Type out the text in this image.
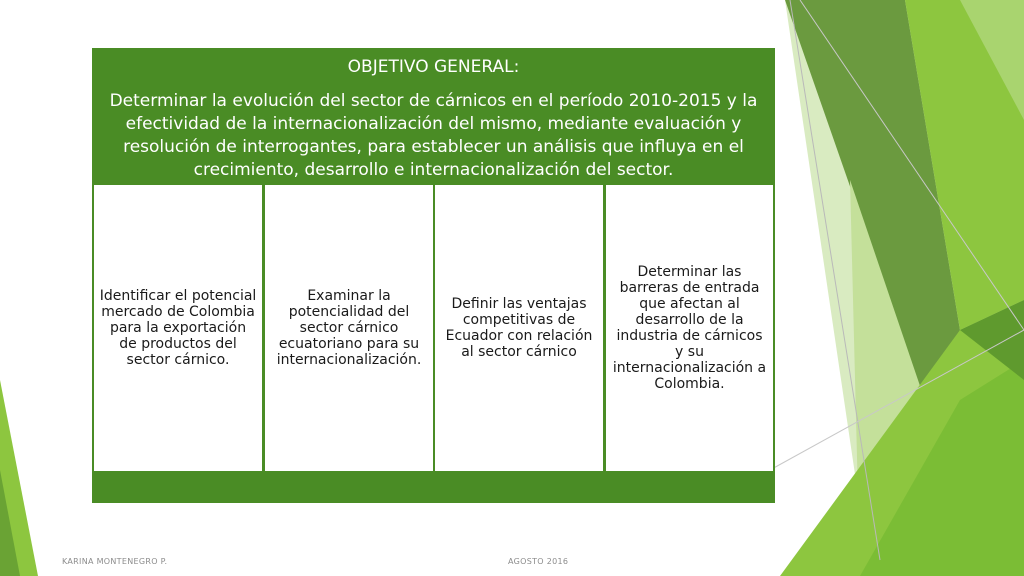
OBJETIVO GENERAL:
Determinar la evolución del sector de cárnicos en el período 2010-2015 y la efectividad de la internacionalización del mismo, mediante evaluación y resolución de interrogantes, para establecer un análisis que influya en el crecimiento, desarrollo e internacionalización del sector.
Identificar el potencial mercado de Colombia para la exportación de productos del sector cárnico.
Examinar la potencialidad del sector cárnico ecuatoriano para su internacionalización.
Definir las ventajas competitivas de Ecuador con relación al sector cárnico
Determinar las barreras de entrada que afectan al desarrollo de la industria de cárnicos y su internacionalización a Colombia.
KARINA MONTENEGRO P.	AGOSTO 2016
